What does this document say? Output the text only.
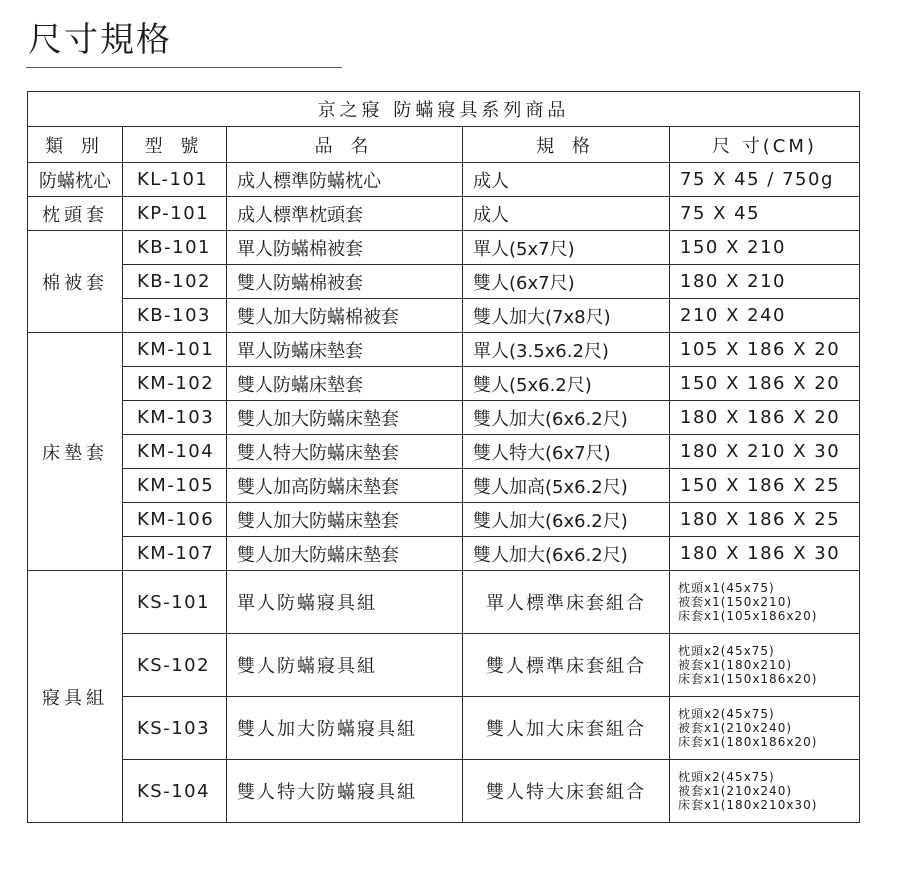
尺寸規格
京之寢 防蟎寢具系列商品				
類 別	型 號	品 名	規 格	尺 寸(CM)
防蟎枕心	KL-101	成人標準防蟎枕心	成人	75 X 45 / 750g
枕頭套	KP-101	成人標準枕頭套	成人	75 X 45
棉被套	KB-101	單人防蟎棉被套	單人(5x7尺)	150 X 210
	KB-102	雙人防蟎棉被套	雙人(6x7尺)	180 X 210
	KB-103	雙人加大防蟎棉被套	雙人加大(7x8尺)	210 X 240
床墊套	KM-101	單人防蟎床墊套	單人(3.5x6.2尺)	105 X 186 X 20
	KM-102	雙人防蟎床墊套	雙人(5x6.2尺)	150 X 186 X 20
	KM-103	雙人加大防蟎床墊套	雙人加大(6x6.2尺)	180 X 186 X 20
	KM-104	雙人特大防蟎床墊套	雙人特大(6x7尺)	180 X 210 X 30
	KM-105	雙人加高防蟎床墊套	雙人加高(5x6.2尺)	150 X 186 X 25
	KM-106	雙人加大防蟎床墊套	雙人加大(6x6.2尺)	180 X 186 X 25
	KM-107	雙人加大防蟎床墊套	雙人加大(6x6.2尺)	180 X 186 X 30
寢具組	KS-101	單人防蟎寢具組	單人標準床套組合	枕頭x1(45x75)
被套x1(150x210)
床套x1(105x186x20)

	KS-102	雙人防蟎寢具組	雙人標準床套組合	枕頭x2(45x75)
被套x1(180x210)
床套x1(150x186x20)

	KS-103	雙人加大防蟎寢具組	雙人加大床套組合	枕頭x2(45x75)
被套x1(210x240)
床套x1(180x186x20)

	KS-104	雙人特大防蟎寢具組	雙人特大床套組合	枕頭x2(45x75)
被套x1(210x240)
床套x1(180x210x30)
